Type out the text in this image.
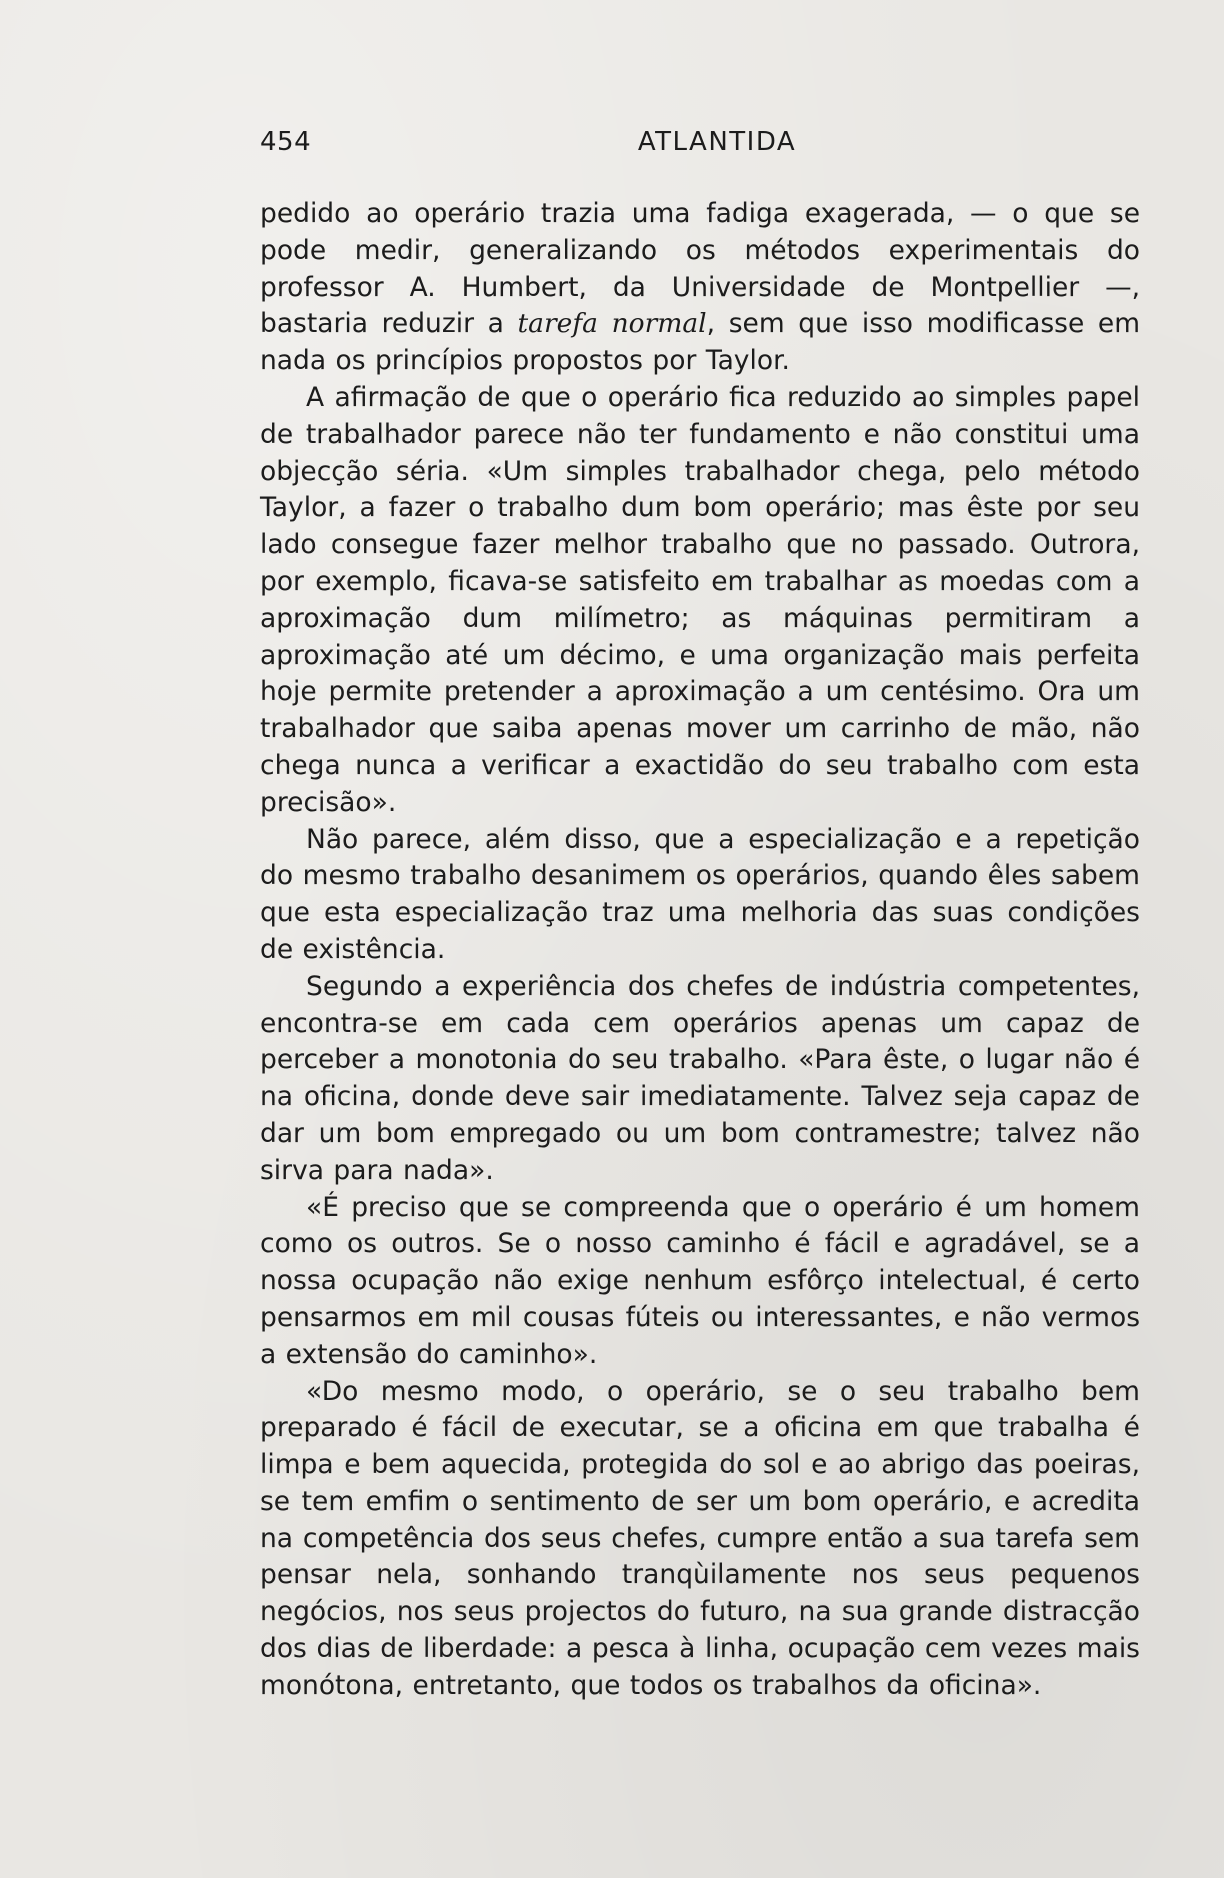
454	ATLANTIDA

pedido ao operário trazia uma fadiga exagerada, — o que se pode medir, generalizando os métodos experimentais do professor A. Humbert, da Universidade de Montpellier —, bastaria reduzir a tarefa normal, sem que isso modificasse em nada os princípios propostos por Taylor.

A afirmação de que o operário fica reduzido ao simples papel de trabalhador parece não ter fundamento e não constitui uma objecção séria. «Um simples trabalhador chega, pelo método Taylor, a fazer o trabalho dum bom operário; mas êste por seu lado consegue fazer melhor trabalho que no passado. Outrora, por exemplo, ficava-se satisfeito em trabalhar as moedas com a aproximação dum milímetro; as máquinas permitiram a aproximação até um décimo, e uma organização mais perfeita hoje permite pretender a aproximação a um centésimo. Ora um trabalhador que saiba apenas mover um carrinho de mão, não chega nunca a verificar a exactidão do seu trabalho com esta precisão».

Não parece, além disso, que a especialização e a repetição do mesmo trabalho desanimem os operários, quando êles sabem que esta especialização traz uma melhoria das suas condições de existência.

Segundo a experiência dos chefes de indústria competentes, encontra-se em cada cem operários apenas um capaz de perceber a monotonia do seu trabalho. «Para êste, o lugar não é na oficina, donde deve sair imediatamente. Talvez seja capaz de dar um bom empregado ou um bom contramestre; talvez não sirva para nada».

«É preciso que se compreenda que o operário é um homem como os outros. Se o nosso caminho é fácil e agradável, se a nossa ocupação não exige nenhum esfôrço intelectual, é certo pensarmos em mil cousas fúteis ou interessantes, e não vermos a extensão do caminho».

«Do mesmo modo, o operário, se o seu trabalho bem preparado é fácil de executar, se a oficina em que trabalha é limpa e bem aquecida, protegida do sol e ao abrigo das poeiras, se tem emfim o sentimento de ser um bom operário, e acredita na competência dos seus chefes, cumpre então a sua tarefa sem pensar nela, sonhando tranqùilamente nos seus pequenos negócios, nos seus projectos do futuro, na sua grande distracção dos dias de liberdade: a pesca à linha, ocupação cem vezes mais monótona, entretanto, que todos os trabalhos da oficina».
